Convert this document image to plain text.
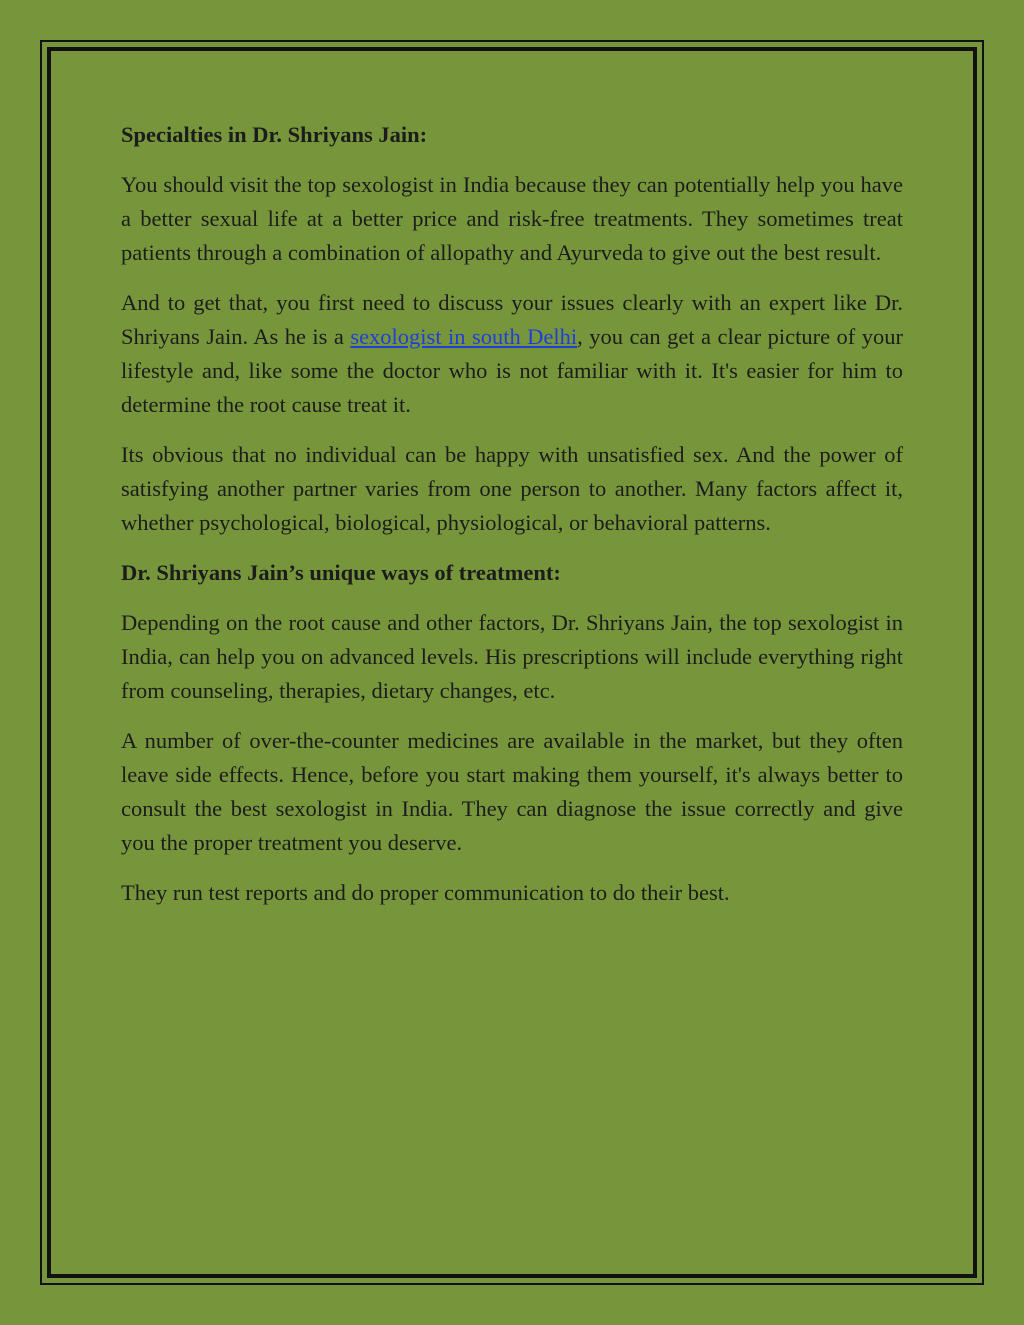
Specialties in Dr. Shriyans Jain:

You should visit the top sexologist in India because they can potentially help you have a better sexual life at a better price and risk-free treatments. They sometimes treat patients through a combination of allopathy and Ayurveda to give out the best result.

And to get that, you first need to discuss your issues clearly with an expert like Dr. Shriyans Jain. As he is a sexologist in south Delhi, you can get a clear picture of your lifestyle and, like some the doctor who is not familiar with it. It's easier for him to determine the root cause treat it.

Its obvious that no individual can be happy with unsatisfied sex. And the power of satisfying another partner varies from one person to another. Many factors affect it, whether psychological, biological, physiological, or behavioral patterns.

Dr. Shriyans Jain’s unique ways of treatment:

Depending on the root cause and other factors, Dr. Shriyans Jain, the top sexologist in India, can help you on advanced levels. His prescriptions will include everything right from counseling, therapies, dietary changes, etc.

A number of over-the-counter medicines are available in the market, but they often leave side effects. Hence, before you start making them yourself, it's always better to consult the best sexologist in India. They can diagnose the issue correctly and give you the proper treatment you deserve.

They run test reports and do proper communication to do their best.
